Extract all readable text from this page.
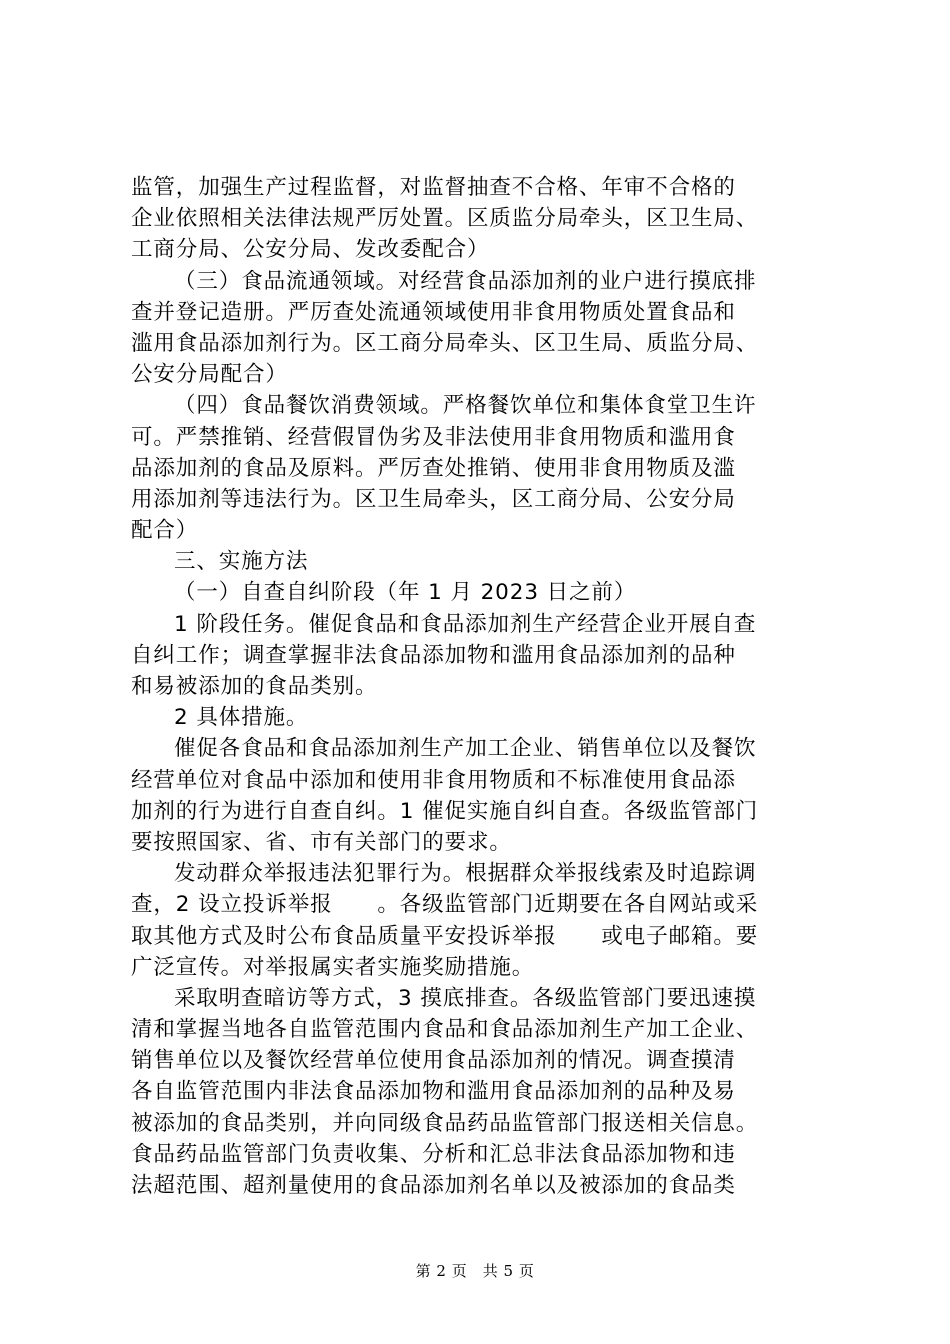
监管，加强生产过程监督，对监督抽查不合格、年审不合格的
企业依照相关法律法规严厉处置。区质监分局牵头，区卫生局、
工商分局、公安分局、发改委配合）
（三）食品流通领域。对经营食品添加剂的业户进行摸底排
查并登记造册。严厉查处流通领域使用非食用物质处置食品和
滥用食品添加剂行为。区工商分局牵头、区卫生局、质监分局、
公安分局配合）
（四）食品餐饮消费领域。严格餐饮单位和集体食堂卫生许
可。严禁推销、经营假冒伪劣及非法使用非食用物质和滥用食
品添加剂的食品及原料。严厉查处推销、使用非食用物质及滥
用添加剂等违法行为。区卫生局牵头，区工商分局、公安分局
配合）
三、实施方法
（一）自查自纠阶段（年 1 月 2023 日之前）
1 阶段任务。催促食品和食品添加剂生产经营企业开展自查
自纠工作；调查掌握非法食品添加物和滥用食品添加剂的品种
和易被添加的食品类别。
2 具体措施。
催促各食品和食品添加剂生产加工企业、销售单位以及餐饮
经营单位对食品中添加和使用非食用物质和不标准使用食品添
加剂的行为进行自查自纠。1 催促实施自纠自查。各级监管部门
要按照国家、省、市有关部门的要求。
发动群众举报违法犯罪行为。根据群众举报线索及时追踪调
查，2 设立投诉举报　　。各级监管部门近期要在各自网站或采
取其他方式及时公布食品质量平安投诉举报　　或电子邮箱。要
广泛宣传。对举报属实者实施奖励措施。
采取明查暗访等方式，3 摸底排查。各级监管部门要迅速摸
清和掌握当地各自监管范围内食品和食品添加剂生产加工企业、
销售单位以及餐饮经营单位使用食品添加剂的情况。调查摸清
各自监管范围内非法食品添加物和滥用食品添加剂的品种及易
被添加的食品类别，并向同级食品药品监管部门报送相关信息。
食品药品监管部门负责收集、分析和汇总非法食品添加物和违
法超范围、超剂量使用的食品添加剂名单以及被添加的食品类
第 2 页　共 5 页
